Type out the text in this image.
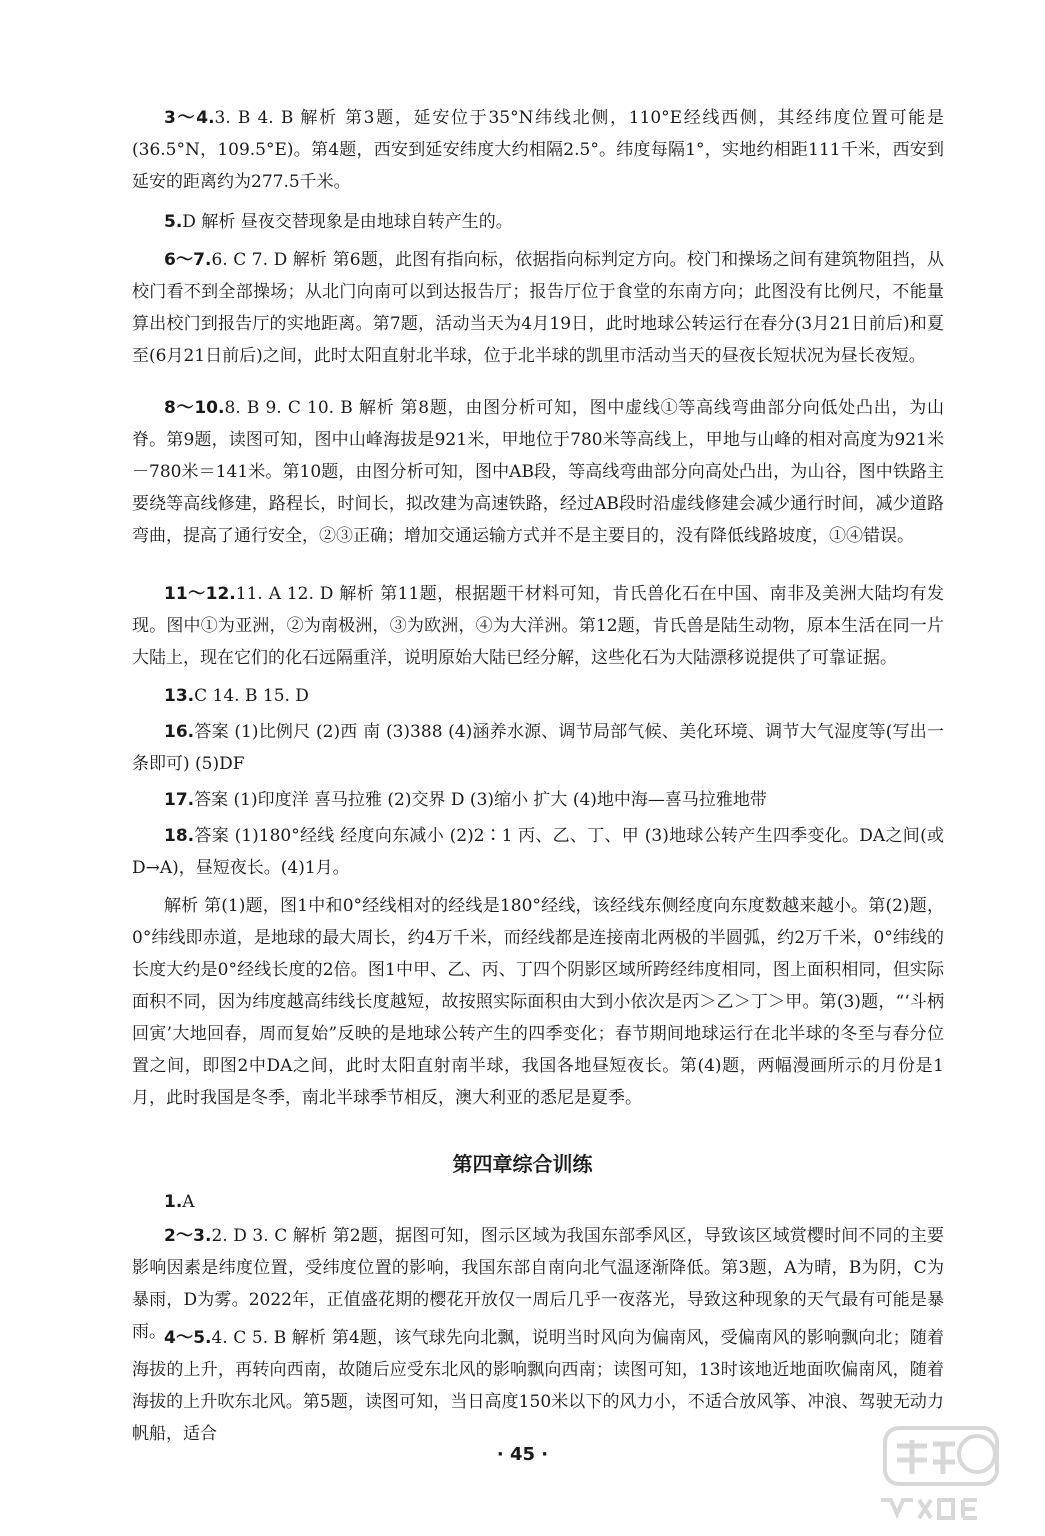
3～4.3. B 4. B 解析 第3题，延安位于35°N纬线北侧，110°E经线西侧，其经纬度位置可能是(36.5°N，109.5°E)。第4题，西安到延安纬度大约相隔2.5°。纬度每隔1°，实地约相距111千米，西安到延安的距离约为277.5千米。

5.D 解析 昼夜交替现象是由地球自转产生的。

6～7.6. C 7. D 解析 第6题，此图有指向标，依据指向标判定方向。校门和操场之间有建筑物阻挡，从校门看不到全部操场；从北门向南可以到达报告厅；报告厅位于食堂的东南方向；此图没有比例尺，不能量算出校门到报告厅的实地距离。第7题，活动当天为4月19日，此时地球公转运行在春分(3月21日前后)和夏至(6月21日前后)之间，此时太阳直射北半球，位于北半球的凯里市活动当天的昼夜长短状况为昼长夜短。

8～10.8. B 9. C 10. B 解析 第8题，由图分析可知，图中虚线①等高线弯曲部分向低处凸出，为山脊。第9题，读图可知，图中山峰海拔是921米，甲地位于780米等高线上，甲地与山峰的相对高度为921米－780米＝141米。第10题，由图分析可知，图中AB段，等高线弯曲部分向高处凸出，为山谷，图中铁路主要绕等高线修建，路程长，时间长，拟改建为高速铁路，经过AB段时沿虚线修建会减少通行时间，减少道路弯曲，提高了通行安全，②③正确；增加交通运输方式并不是主要目的，没有降低线路坡度，①④错误。

11～12.11. A 12. D 解析 第11题，根据题干材料可知，肯氏兽化石在中国、南非及美洲大陆均有发现。图中①为亚洲，②为南极洲，③为欧洲，④为大洋洲。第12题，肯氏兽是陆生动物，原本生活在同一片大陆上，现在它们的化石远隔重洋，说明原始大陆已经分解，这些化石为大陆漂移说提供了可靠证据。

13.C 14. B 15. D

16.答案 (1)比例尺 (2)西 南 (3)388 (4)涵养水源、调节局部气候、美化环境、调节大气湿度等(写出一条即可) (5)DF

17.答案 (1)印度洋 喜马拉雅 (2)交界 D (3)缩小 扩大 (4)地中海—喜马拉雅地带

18.答案 (1)180°经线 经度向东减小 (2)2∶1 丙、乙、丁、甲 (3)地球公转产生四季变化。DA之间(或D→A)，昼短夜长。(4)1月。

解析 第(1)题，图1中和0°经线相对的经线是180°经线，该经线东侧经度向东度数越来越小。第(2)题，0°纬线即赤道，是地球的最大周长，约4万千米，而经线都是连接南北两极的半圆弧，约2万千米，0°纬线的长度大约是0°经线长度的2倍。图1中甲、乙、丙、丁四个阴影区域所跨经纬度相同，图上面积相同，但实际面积不同，因为纬度越高纬线长度越短，故按照实际面积由大到小依次是丙＞乙＞丁＞甲。第(3)题，“‘斗柄回寅’大地回春，周而复始”反映的是地球公转产生的四季变化；春节期间地球运行在北半球的冬至与春分位置之间，即图2中DA之间，此时太阳直射南半球，我国各地昼短夜长。第(4)题，两幅漫画所示的月份是1月，此时我国是冬季，南北半球季节相反，澳大利亚的悉尼是夏季。

第四章综合训练

1.A

2～3.2. D 3. C 解析 第2题，据图可知，图示区域为我国东部季风区，导致该区域赏樱时间不同的主要影响因素是纬度位置，受纬度位置的影响，我国东部自南向北气温逐渐降低。第3题，A为晴，B为阴，C为暴雨，D为雾。2022年，正值盛花期的樱花开放仅一周后几乎一夜落光，导致这种现象的天气最有可能是暴雨。

4～5.4. C 5. B 解析 第4题，该气球先向北飘，说明当时风向为偏南风，受偏南风的影响飘向北；随着海拔的上升，再转向西南，故随后应受东北风的影响飘向西南；读图可知，13时该地近地面吹偏南风，随着海拔的上升吹东北风。第5题，读图可知，当日高度150米以下的风力小，不适合放风筝、冲浪、驾驶无动力帆船，适合

· 45 ·
